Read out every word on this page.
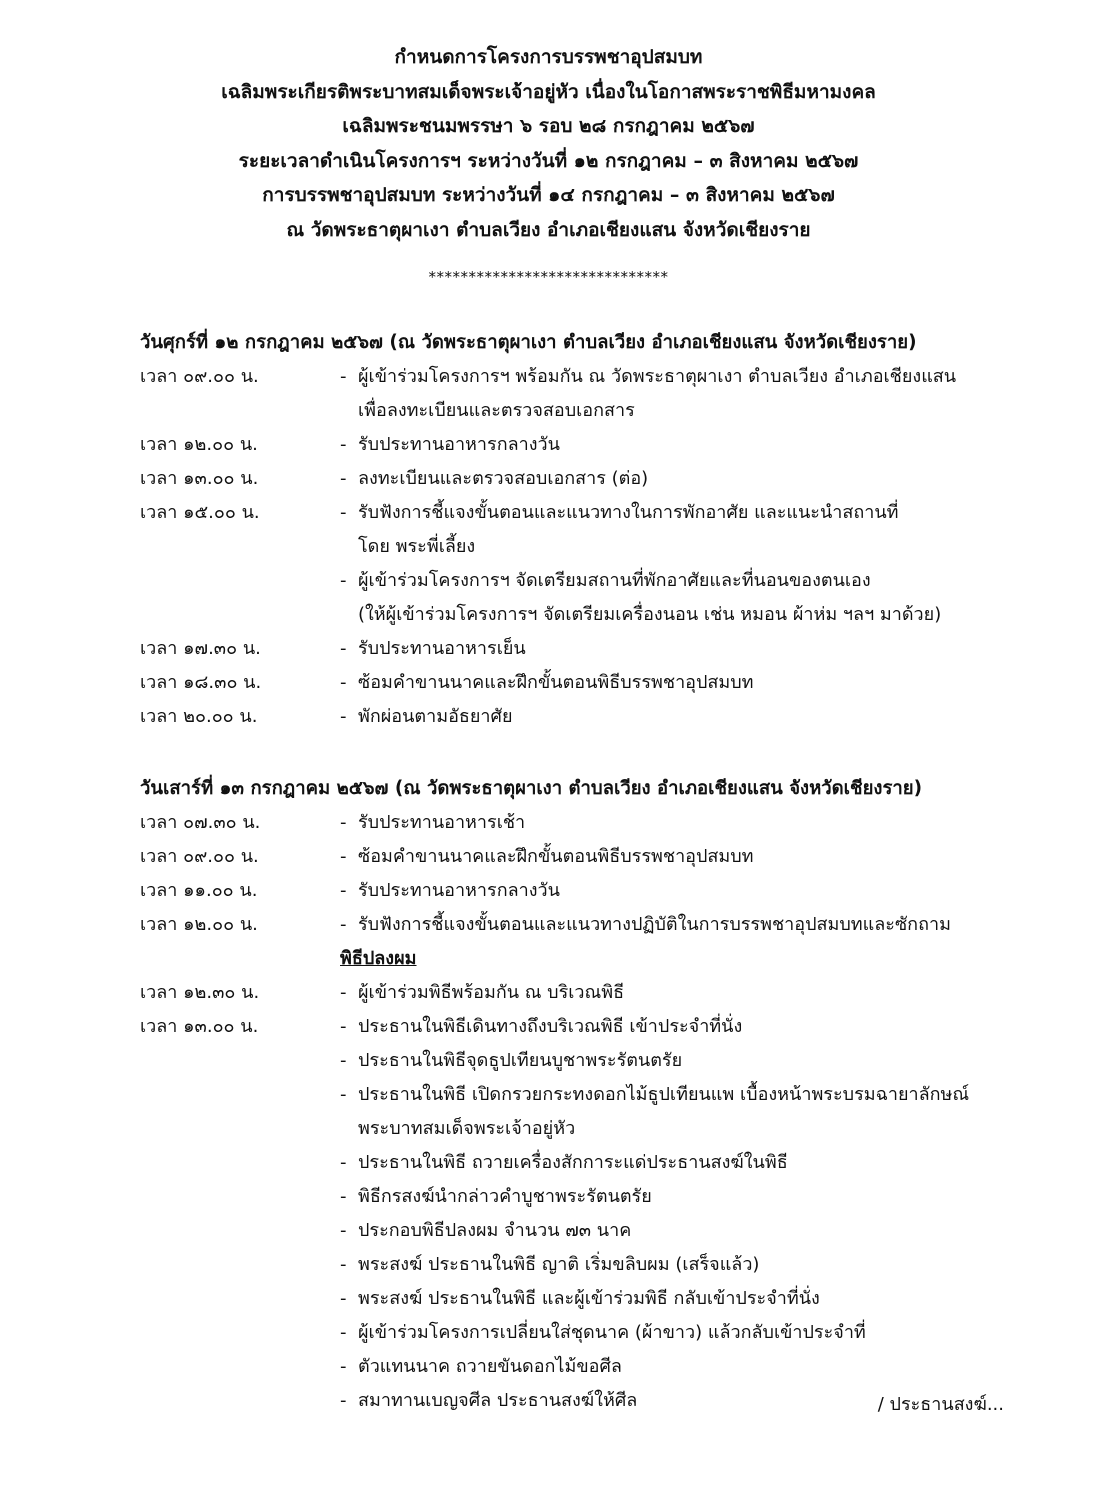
กำหนดการโครงการบรรพชาอุปสมบท
เฉลิมพระเกียรติพระบาทสมเด็จพระเจ้าอยู่หัว เนื่องในโอกาสพระราชพิธีมหามงคล
เฉลิมพระชนมพรรษา ๖ รอบ ๒๘ กรกฎาคม ๒๕๖๗
ระยะเวลาดำเนินโครงการฯ ระหว่างวันที่ ๑๒ กรกฎาคม – ๓ สิงหาคม ๒๕๖๗
การบรรพชาอุปสมบท ระหว่างวันที่ ๑๔ กรกฎาคม – ๓ สิงหาคม ๒๕๖๗
ณ วัดพระธาตุผาเงา ตำบลเวียง อำเภอเชียงแสน จังหวัดเชียงราย
******************************
วันศุกร์ที่ ๑๒ กรกฎาคม ๒๕๖๗ (ณ วัดพระธาตุผาเงา ตำบลเวียง อำเภอเชียงแสน จังหวัดเชียงราย)
เวลา ๐๙.๐๐ น.	- ผู้เข้าร่วมโครงการฯ พร้อมกัน ณ วัดพระธาตุผาเงา ตำบลเวียง อำเภอเชียงแสน
เพื่อลงทะเบียนและตรวจสอบเอกสาร
เวลา ๑๒.๐๐ น.	- รับประทานอาหารกลางวัน
เวลา ๑๓.๐๐ น.	- ลงทะเบียนและตรวจสอบเอกสาร (ต่อ)
เวลา ๑๕.๐๐ น.	- รับฟังการชี้แจงขั้นตอนและแนวทางในการพักอาศัย และแนะนำสถานที่
โดย พระพี่เลี้ยง
- ผู้เข้าร่วมโครงการฯ จัดเตรียมสถานที่พักอาศัยและที่นอนของตนเอง
(ให้ผู้เข้าร่วมโครงการฯ จัดเตรียมเครื่องนอน เช่น หมอน ผ้าห่ม ฯลฯ มาด้วย)
เวลา ๑๗.๓๐ น.	- รับประทานอาหารเย็น
เวลา ๑๘.๓๐ น.	- ซ้อมคำขานนาคและฝึกขั้นตอนพิธีบรรพชาอุปสมบท
เวลา ๒๐.๐๐ น.	- พักผ่อนตามอัธยาศัย
วันเสาร์ที่ ๑๓ กรกฎาคม ๒๕๖๗ (ณ วัดพระธาตุผาเงา ตำบลเวียง อำเภอเชียงแสน จังหวัดเชียงราย)
เวลา ๐๗.๓๐ น.	- รับประทานอาหารเช้า
เวลา ๐๙.๐๐ น.	- ซ้อมคำขานนาคและฝึกขั้นตอนพิธีบรรพชาอุปสมบท
เวลา ๑๑.๐๐ น.	- รับประทานอาหารกลางวัน
เวลา ๑๒.๐๐ น.	- รับฟังการชี้แจงขั้นตอนและแนวทางปฏิบัติในการบรรพชาอุปสมบทและซักถาม
พิธีปลงผม
เวลา ๑๒.๓๐ น.	- ผู้เข้าร่วมพิธีพร้อมกัน ณ บริเวณพิธี
เวลา ๑๓.๐๐ น.	- ประธานในพิธีเดินทางถึงบริเวณพิธี เข้าประจำที่นั่ง
- ประธานในพิธีจุดธูปเทียนบูชาพระรัตนตรัย
- ประธานในพิธี เปิดกรวยกระทงดอกไม้ธูปเทียนแพ เบื้องหน้าพระบรมฉายาลักษณ์
พระบาทสมเด็จพระเจ้าอยู่หัว
- ประธานในพิธี ถวายเครื่องสักการะแด่ประธานสงฆ์ในพิธี
- พิธีกรสงฆ์นำกล่าวคำบูชาพระรัตนตรัย
- ประกอบพิธีปลงผม จำนวน ๗๓ นาค
- พระสงฆ์ ประธานในพิธี ญาติ เริ่มขลิบผม (เสร็จแล้ว)
- พระสงฆ์ ประธานในพิธี และผู้เข้าร่วมพิธี กลับเข้าประจำที่นั่ง
- ผู้เข้าร่วมโครงการเปลี่ยนใส่ชุดนาค (ผ้าขาว) แล้วกลับเข้าประจำที่
- ตัวแทนนาค ถวายขันดอกไม้ขอศีล
- สมาทานเบญจศีล ประธานสงฆ์ให้ศีล	/ ประธานสงฆ์...
